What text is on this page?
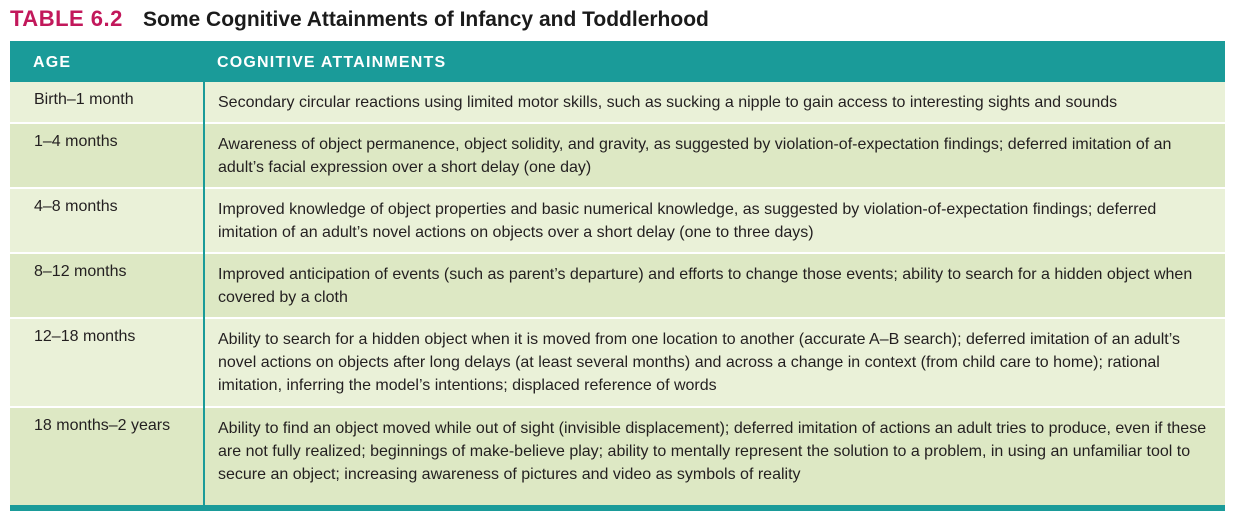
TABLE 6.2 Some Cognitive Attainments of Infancy and Toddlerhood
AGE	COGNITIVE ATTAINMENTS
Birth–1 month	Secondary circular reactions using limited motor skills, such as sucking a nipple to gain access to interesting sights and sounds
1–4 months	Awareness of object permanence, object solidity, and gravity, as suggested by violation-of-expectation findings; deferred imitation of an adult’s facial expression over a short delay (one day)
4–8 months	Improved knowledge of object properties and basic numerical knowledge, as suggested by violation-of-expectation findings; deferred imitation of an adult’s novel actions on objects over a short delay (one to three days)
8–12 months	Improved anticipation of events (such as parent’s departure) and efforts to change those events; ability to search for a hidden object when covered by a cloth
12–18 months	Ability to search for a hidden object when it is moved from one location to another (accurate A–B search); deferred imitation of an adult’s novel actions on objects after long delays (at least several months) and across a change in context (from child care to home); rational imitation, inferring the model’s intentions; displaced reference of words
18 months–2 years	Ability to find an object moved while out of sight (invisible displacement); deferred imitation of actions an adult tries to produce, even if these are not fully realized; beginnings of make-believe play; ability to mentally represent the solution to a problem, in using an unfamiliar tool to secure an object; increasing awareness of pictures and video as symbols of reality
